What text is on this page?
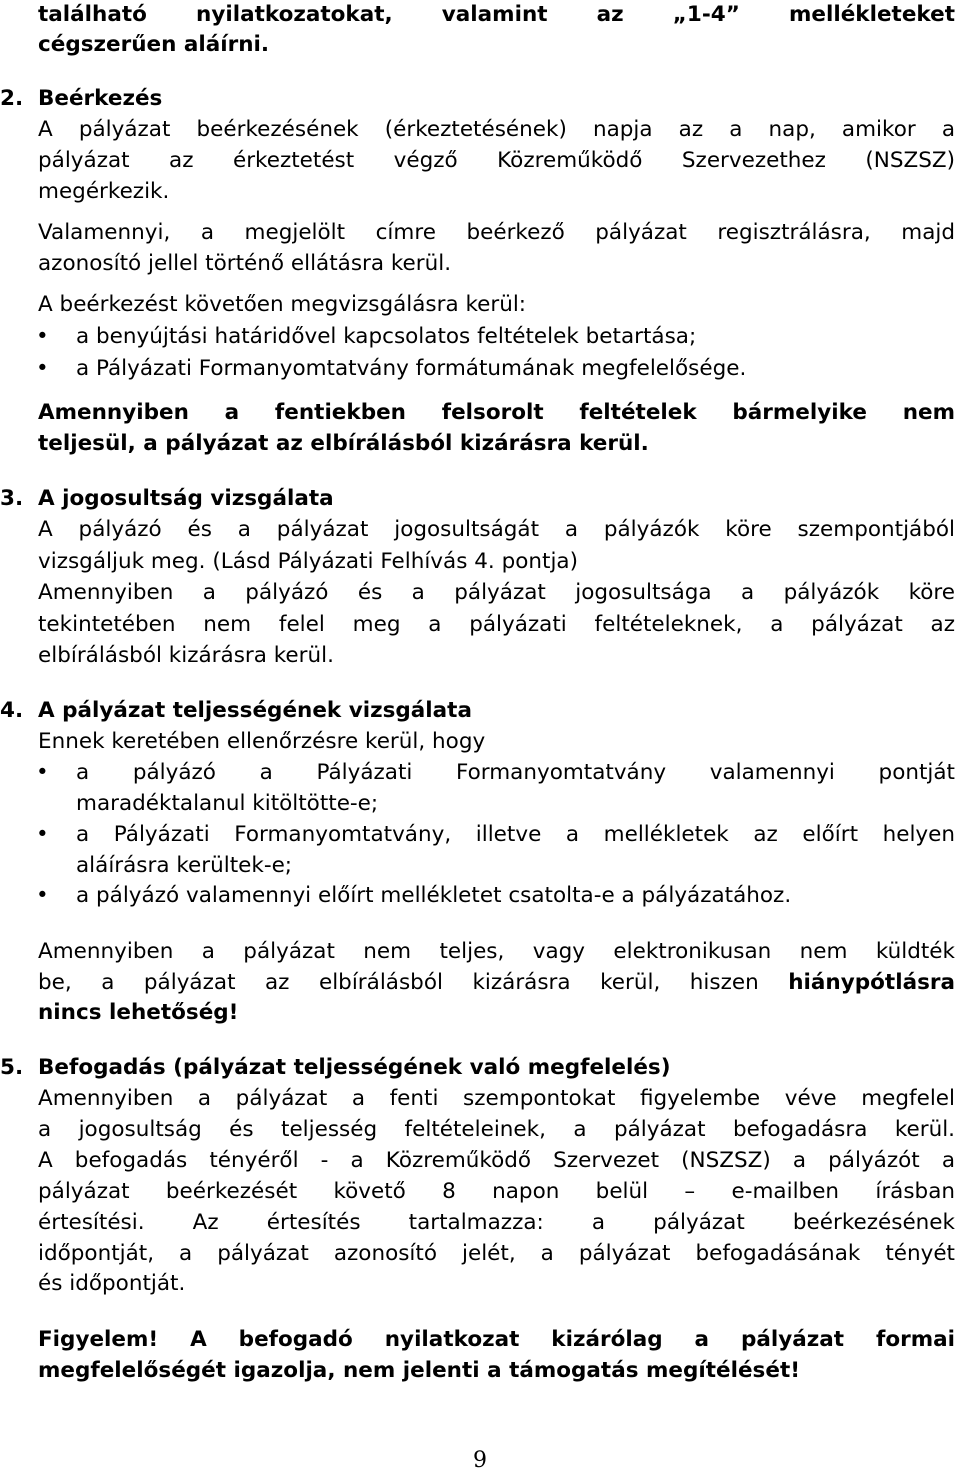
található nyilatkozatokat, valamint az „1-4” mellékleteket
cégszerűen aláírni.
2. Beérkezés
A pályázat beérkezésének (érkeztetésének) napja az a nap, amikor a
pályázat az érkeztetést végző Közreműködő Szervezethez (NSZSZ)
megérkezik.
Valamennyi, a megjelölt címre beérkező pályázat regisztrálásra, majd
azonosító jellel történő ellátásra kerül.
A beérkezést követően megvizsgálásra kerül:
• a benyújtási határidővel kapcsolatos feltételek betartása;
• a Pályázati Formanyomtatvány formátumának megfelelősége.
Amennyiben a fentiekben felsorolt feltételek bármelyike nem
teljesül, a pályázat az elbírálásból kizárásra kerül.
3. A jogosultság vizsgálata
A pályázó és a pályázat jogosultságát a pályázók köre szempontjából
vizsgáljuk meg. (Lásd Pályázati Felhívás 4. pontja)
Amennyiben a pályázó és a pályázat jogosultsága a pályázók köre
tekintetében nem felel meg a pályázati feltételeknek, a pályázat az
elbírálásból kizárásra kerül.
4. A pályázat teljességének vizsgálata
Ennek keretében ellenőrzésre kerül, hogy
• a pályázó a Pályázati Formanyomtatvány valamennyi pontját
maradéktalanul kitöltötte-e;
• a Pályázati Formanyomtatvány, illetve a mellékletek az előírt helyen
aláírásra kerültek-e;
• a pályázó valamennyi előírt mellékletet csatolta-e a pályázatához.
Amennyiben a pályázat nem teljes, vagy elektronikusan nem küldték
be, a pályázat az elbírálásból kizárásra kerül, hiszen hiánypótlásra
nincs lehetőség!
5. Befogadás (pályázat teljességének való megfelelés)
Amennyiben a pályázat a fenti szempontokat figyelembe véve megfelel
a jogosultság és teljesség feltételeinek, a pályázat befogadásra kerül.
A befogadás tényéről - a Közreműködő Szervezet (NSZSZ) a pályázót a
pályázat beérkezését követő 8 napon belül – e-mailben írásban
értesítési. Az értesítés tartalmazza: a pályázat beérkezésének
időpontját, a pályázat azonosító jelét, a pályázat befogadásának tényét
és időpontját.
Figyelem! A befogadó nyilatkozat kizárólag a pályázat formai
megfelelőségét igazolja, nem jelenti a támogatás megítélését!
9
